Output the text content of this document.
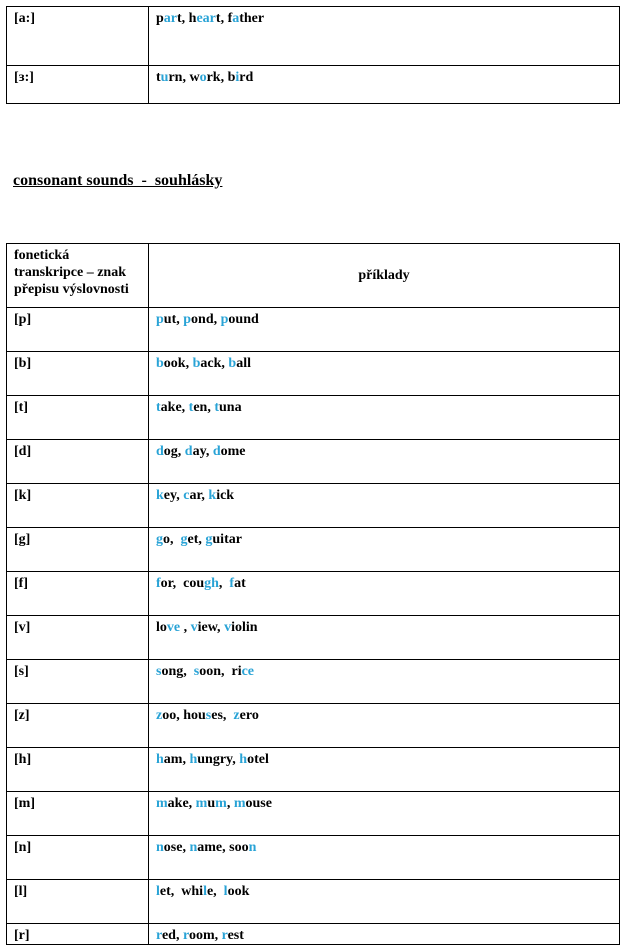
[a:]	part, heart, father
[ɜ:]	turn, work, bird
consonant sounds  -  souhlásky
fonetická transkripce – znak přepisu výslovnosti	příklady
[p]	put, pond, pound
[b]	book, back, ball
[t]	take, ten, tuna
[d]	dog, day, dome
[k]	key, car, kick
[g]	go,  get, guitar
[f]	for,  cough,  fat
[v]	love , view, violin
[s]	song,  soon,  rice
[z]	zoo, houses,  zero
[h]	ham, hungry, hotel
[m]	make, mum, mouse
[n]	nose, name, soon
[l]	let,  while,  look
[r]	red, room, rest
